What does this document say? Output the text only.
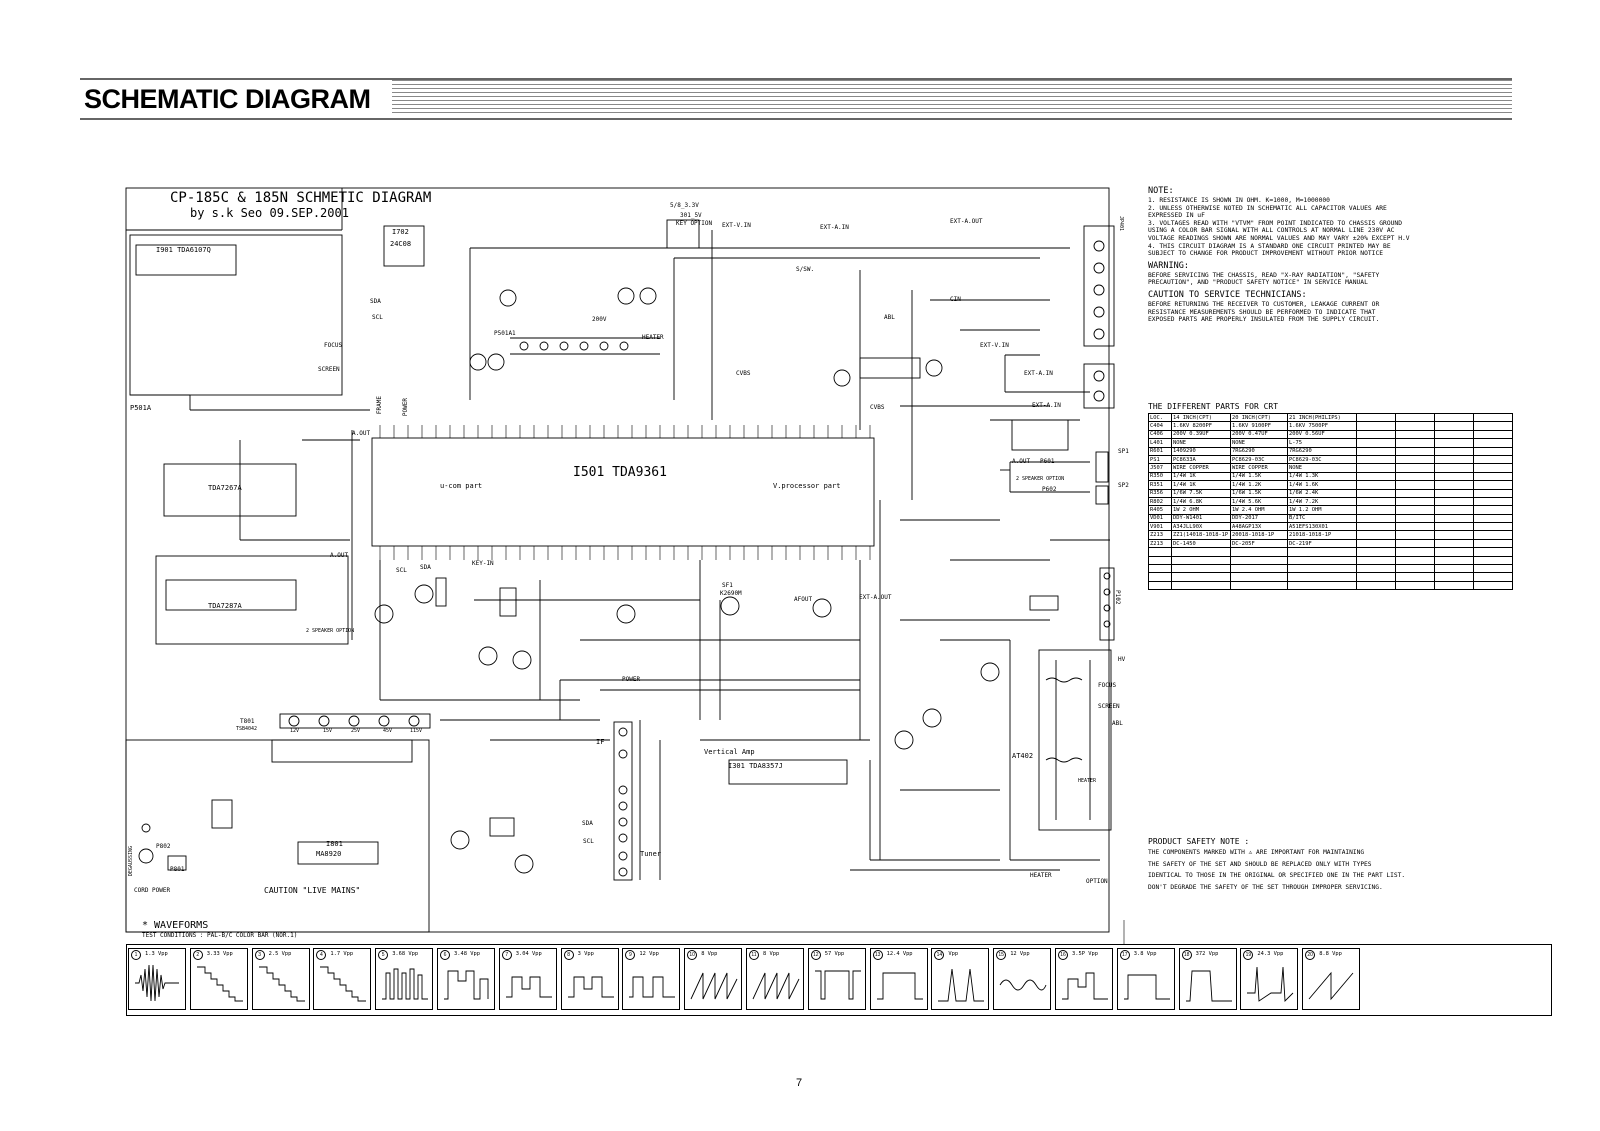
SCHEMATIC DIAGRAM
CP-185C & 185N SCHMETIC DIAGRAM
by s.k Seo 09.SEP.2001
I901 TDA6107Q
I702
24C08
I501 TDA9361
u-com part	V.processor part
TDA7267A
TDA7287A
I301 TDA8357J
Vertical Amp
I801
MA8920
T801
TSB4042
AT402
P501A
P501A1
SCREEN
FOCUS
HEATER
KEY OPTION EXT-V.IN	EXT-A.IN
EXT-A.OUT
S/SW.
ABL
CIN
EXT-V.IN
EXT-A.IN
EXT-A.IN
EXT-A.OUT
CVBS
CVBS
A.OUT
A.OUT
A.OUT
SDA
SCL
SDA
SCL
SDA
SCL
POWER
AFOUT
K2690M
SF1
CAUTION "LIVE MAINS"
CORD POWER
DEGAUSSING	P802
P801
P601
P602
P102
SP1
SP2
Tuner
IF
2 SPEAKER OPTION
2 SPEAKER OPTION
OPTION
200V
5/8_3.3V
301_5V
HV
SCREEN
FOCUS
ABL
HEATER
HEATER
JP401
12V	15V	25V	45V	115V
FRAME	POWER
KEY-IN
NOTE:
1. RESISTANCE IS SHOWN IN OHM. K=1000, M=1000000
2. UNLESS OTHERWISE NOTED IN SCHEMATIC ALL CAPACITOR VALUES ARE
EXPRESSED IN uF
3. VOLTAGES READ WITH "VTVM" FROM POINT INDICATED TO CHASSIS GROUND
USING A COLOR BAR SIGNAL WITH ALL CONTROLS AT NORMAL LINE 230V AC
VOLTAGE READINGS SHOWN ARE NORMAL VALUES AND MAY VARY ±20% EXCEPT H.V
4. THIS CIRCUIT DIAGRAM IS A STANDARD ONE CIRCUIT PRINTED MAY BE
SUBJECT TO CHANGE FOR PRODUCT IMPROVEMENT WITHOUT PRIOR NOTICE
WARNING:
BEFORE SERVICING THE CHASSIS, READ "X-RAY RADIATION", "SAFETY
PRECAUTION", AND "PRODUCT SAFETY NOTICE" IN SERVICE MANUAL
CAUTION TO SERVICE TECHNICIANS:
BEFORE RETURNING THE RECEIVER TO CUSTOMER, LEAKAGE CURRENT OR
RESISTANCE MEASUREMENTS SHOULD BE PERFORMED TO INDICATE THAT
EXPOSED PARTS ARE PROPERLY INSULATED FROM THE SUPPLY CIRCUIT.
THE DIFFERENT PARTS FOR CRT
LOC.	14 INCH(CPT)	20 INCH(CPT)	21 INCH(PHILIPS)				
C404	1.6KV 8200PF	1.6KV 9100PF	1.6KV 7500PF				
C406	200V 0.39UF	200V 0.47UF	200V 0.56UF				
L401	NONE	NONE	L-75				
R601	1409290	7RG6290	7RG6290				
PS1	PC8633A	PC8629-03C	PC8629-03C				
J507	WIRE COPPER	WIRE COPPER	NONE				
R350	1/4W 1K	1/4W 1.5K	1/4W 1.3K				
R351	1/4W 1K	1/4W 1.2K	1/4W 1.6K				
R356	1/6W 7.5K	1/6W 1.5K	1/6W 2.4K				
R802	1/4W 6.8K	1/4W 5.6K	1/4W 7.2K				
R405	1W 2 OHM	1W 2.4 OHM	1W 1.2 OHM				
VD01	DDY-W1401	DDY-2017	B/ITC				
V901	A34JLL90X	A48AGP13X	A51EFS130X01				
Z213	ZZ1(14018-1018-1P	20018-1018-1P	21018-1018-1P				
Z213	DC-1450	DC-205F	DC-219F				

PRODUCT SAFETY NOTE :
THE COMPONENTS MARKED WITH ⚠ ARE IMPORTANT FOR MAINTAINING
THE SAFETY OF THE SET AND SHOULD BE REPLACED ONLY WITH TYPES
IDENTICAL TO THOSE IN THE ORIGINAL OR SPECIFIED ONE IN THE PART LIST.
DON'T DEGRADE THE SAFETY OF THE SET THROUGH IMPROPER SERVICING.
* WAVEFORMS
TEST CONDITIONS : PAL-B/C COLOR BAR (NOR.1)
1	1.3 Vpp	2	3.33 Vpp	3	2.5 Vpp	4	1.7 Vpp	5	3.68 Vpp	6	3.48 Vpp	7	3.04 Vpp	8	3 Vpp	9	12 Vpp	10	8 Vpp	11	8 Vpp	12	57 Vpp	13	12.4 Vpp	14	Vpp	15	12 Vpp	16	3.5P Vpp	17	3.8 Vpp	18	372 Vpp	19	24.3 Vpp	20	8.8 Vpp
7
